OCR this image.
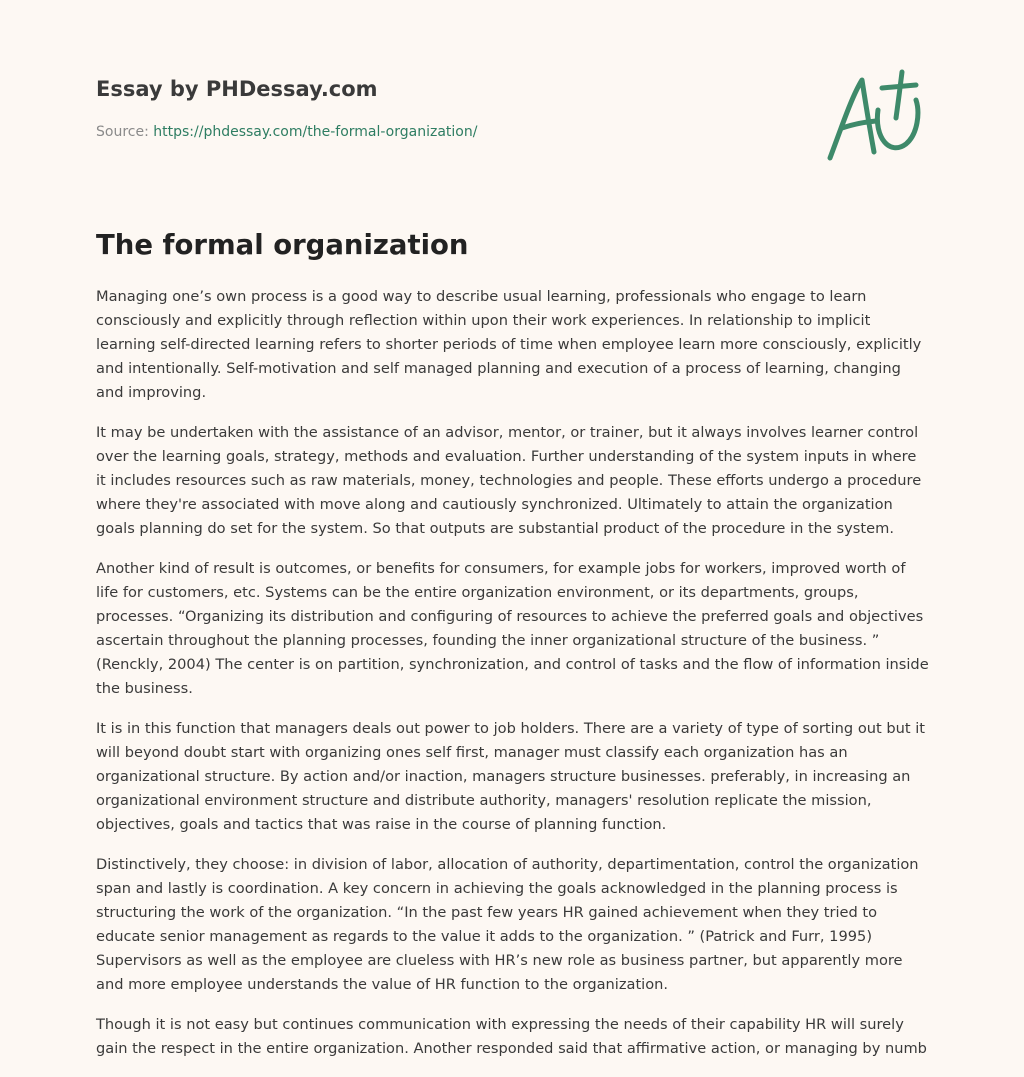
Essay by PHDessay.com
Source: https://phdessay.com/the-formal-organization/
The formal organization

Managing one’s own process is a good way to describe usual learning, professionals who engage to learn
consciously and explicitly through reflection within upon their work experiences. In relationship to implicit
learning self-directed learning refers to shorter periods of time when employee learn more consciously, explicitly
and intentionally. Self-motivation and self managed planning and execution of a process of learning, changing
and improving.

It may be undertaken with the assistance of an advisor, mentor, or trainer, but it always involves learner control
over the learning goals, strategy, methods and evaluation. Further understanding of the system inputs in where
it includes resources such as raw materials, money, technologies and people. These efforts undergo a procedure
where they're associated with move along and cautiously synchronized. Ultimately to attain the organization
goals planning do set for the system. So that outputs are substantial product of the procedure in the system.

Another kind of result is outcomes, or benefits for consumers, for example jobs for workers, improved worth of
life for customers, etc. Systems can be the entire organization environment, or its departments, groups,
processes. “Organizing its distribution and configuring of resources to achieve the preferred goals and objectives
ascertain throughout the planning processes, founding the inner organizational structure of the business. ”
(Renckly, 2004) The center is on partition, synchronization, and control of tasks and the flow of information inside
the business.

It is in this function that managers deals out power to job holders. There are a variety of type of sorting out but it
will beyond doubt start with organizing ones self first, manager must classify each organization has an
organizational structure. By action and/or inaction, managers structure businesses. preferably, in increasing an
organizational environment structure and distribute authority, managers' resolution replicate the mission,
objectives, goals and tactics that was raise in the course of planning function.

Distinctively, they choose: in division of labor, allocation of authority, departimentation, control the organization
span and lastly is coordination. A key concern in achieving the goals acknowledged in the planning process is
structuring the work of the organization. “In the past few years HR gained achievement when they tried to
educate senior management as regards to the value it adds to the organization. ” (Patrick and Furr, 1995)
Supervisors as well as the employee are clueless with HR’s new role as business partner, but apparently more
and more employee understands the value of HR function to the organization.

Though it is not easy but continues communication with expressing the needs of their capability HR will surely
gain the respect in the entire organization. Another responded said that affirmative action, or managing by numb
